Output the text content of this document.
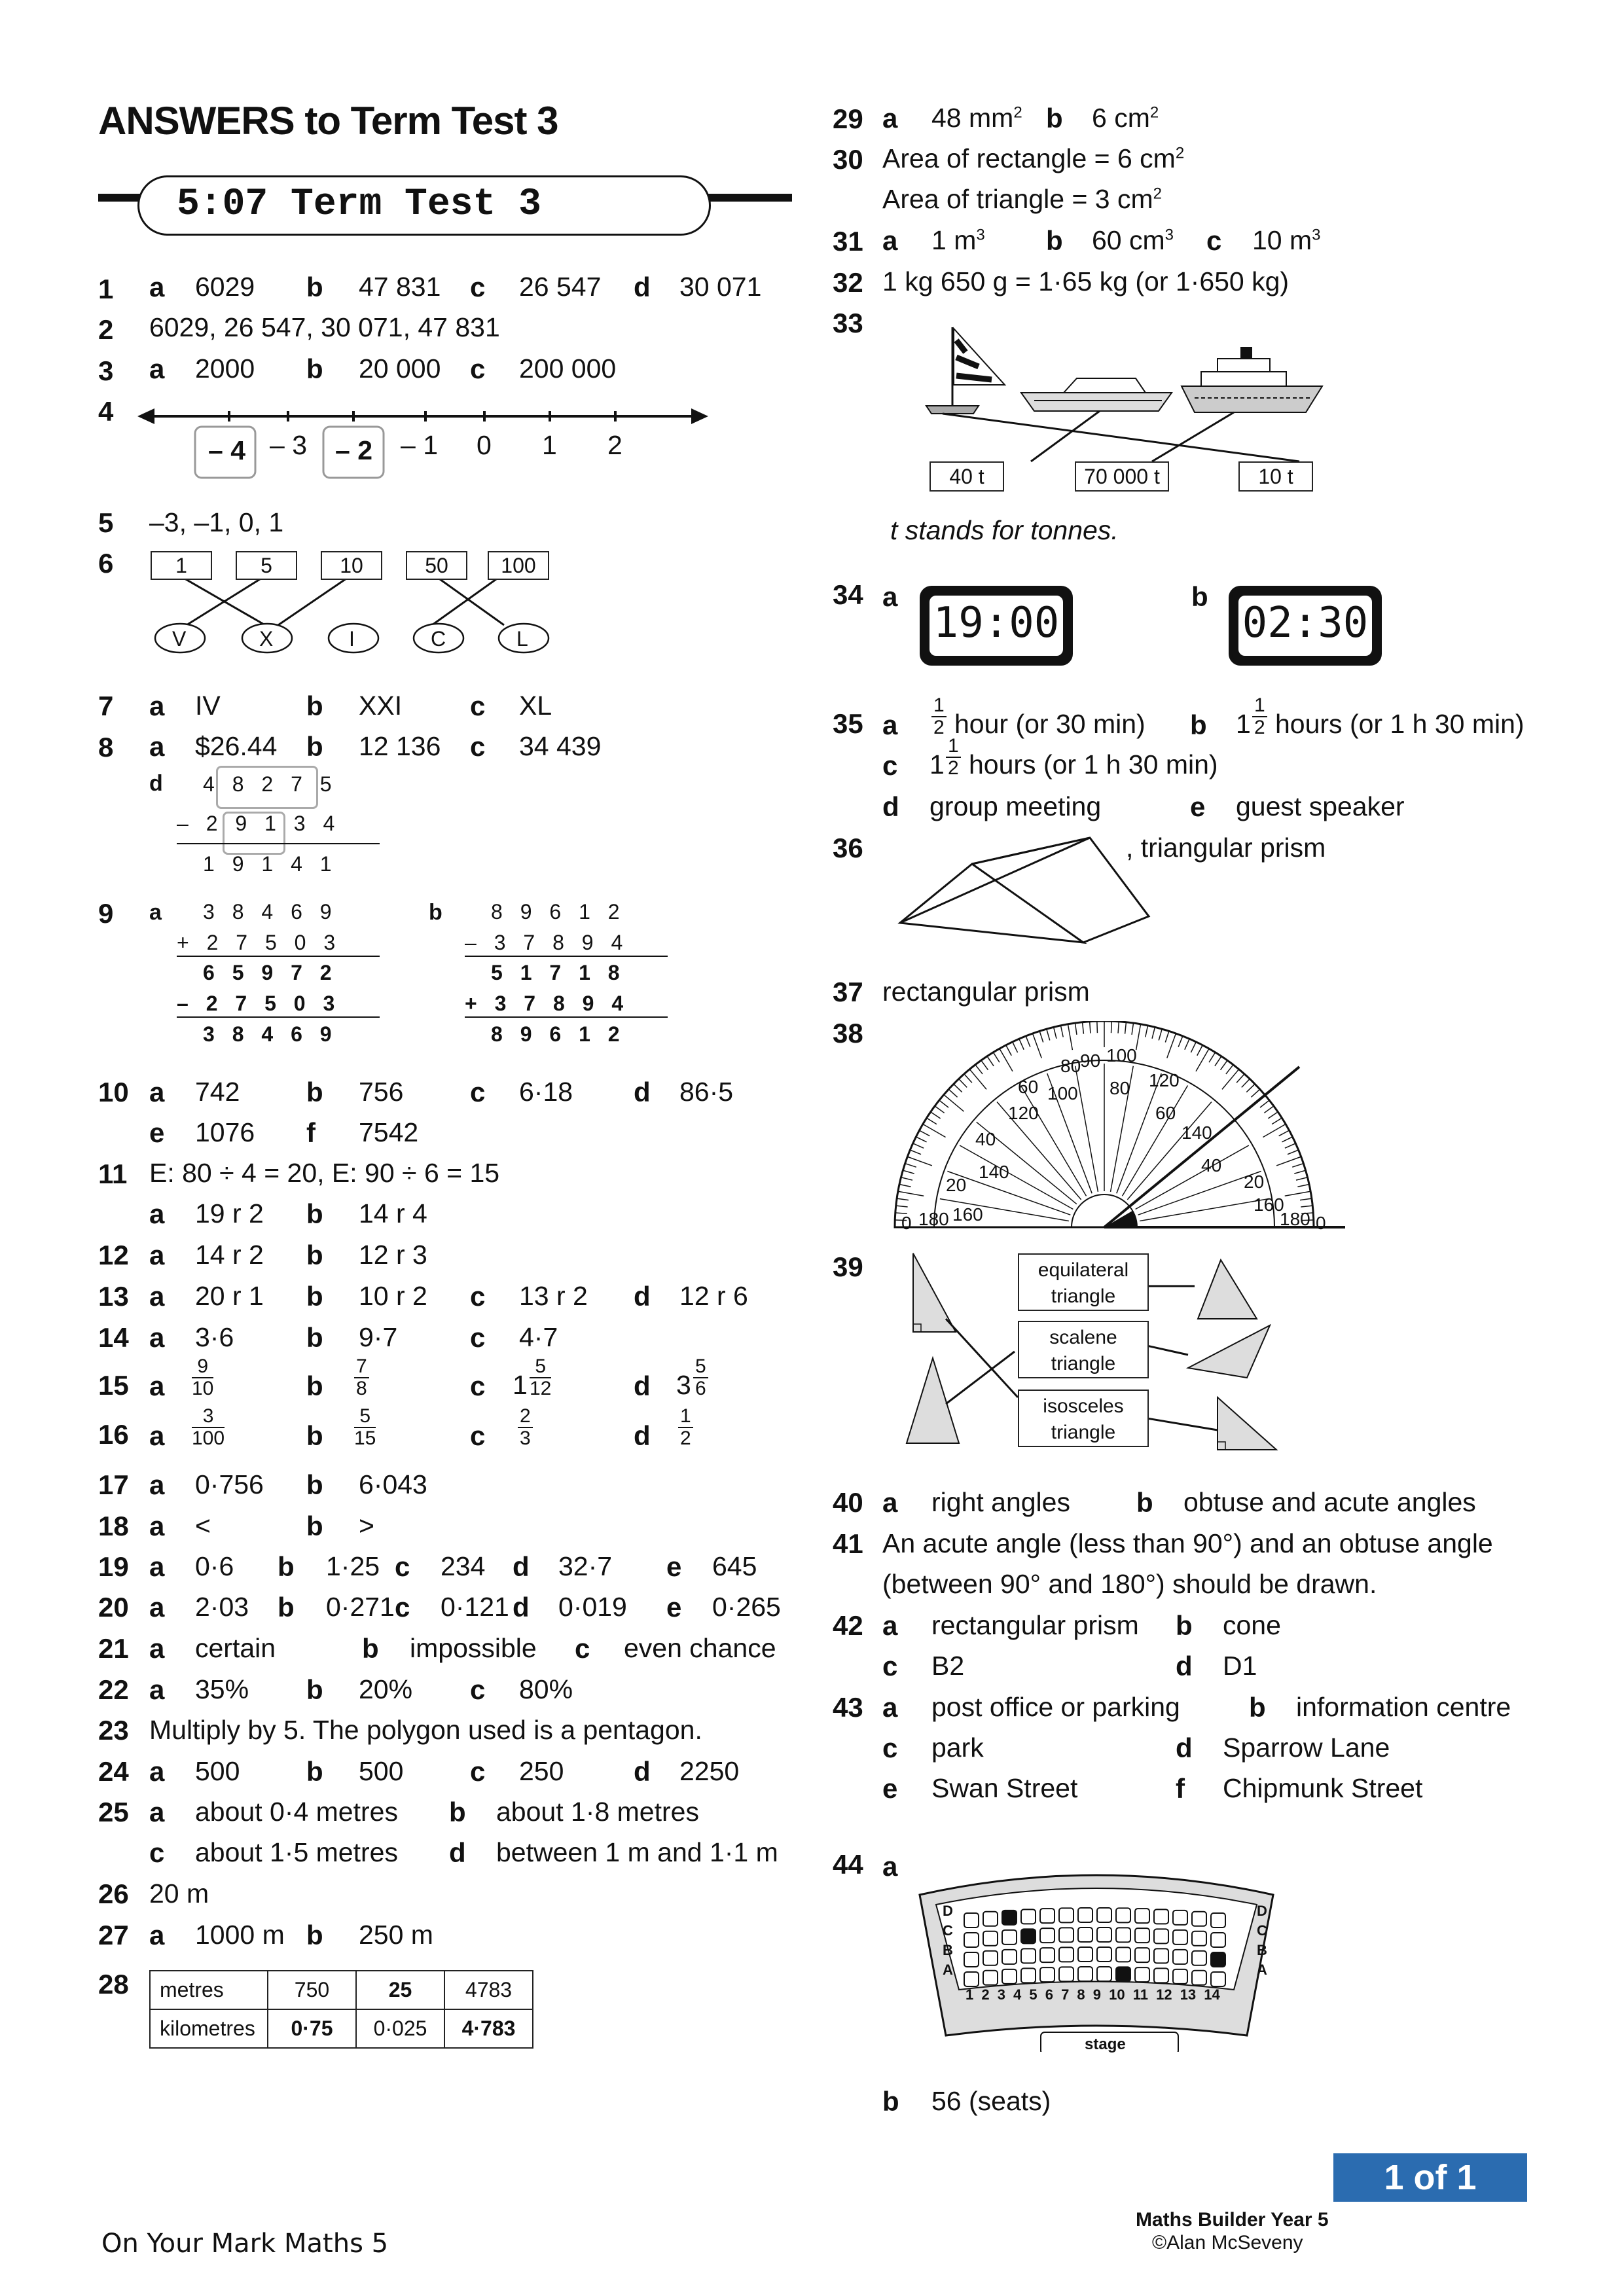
ANSWERS to Term Test 3
5:07 Term Test 3
1 a 6029 b 47 831 c 26 547 d 30 071
2 6029, 26 547, 30 071, 47 831
3 a 2000 b 20 000 c 200 000
4
– 4 – 3 – 2 – 1 0 1 2
5 –3, –1, 0, 1
6	1	5	10	50	100
V	X	I	C	L
7 a IV	b XXI c XL
8 a $26.44 b 12 136 c 34 439
d 4 8 2 7 5
– 2 9 1 3 4
1 9 1 4 1
9 a 3 8 4 6 9
+ 2 7 5 0 3
6 5 9 7 2
– 2 7 5 0 3
3 8 4 6 9
b 8 9 6 1 2
– 3 7 8 9 4
5 1 7 1 8
+ 3 7 8 9 4
8 9 6 1 2
10 a 742 b 756 c 6·18 d 86·5
e 1076 f 7542
11 E: 80 ÷ 4 = 20, E: 90 ÷ 6 = 15
a 19 r 2 b 14 r 4
12 a 14 r 2 b 12 r 3
13 a 20 r 1 b 10 r 2 c 13 r 2 d 12 r 6
14 a 3·6	b 9·7	c 4·7
15 a $\frac{9}{10}$	b $\frac{7}{8}$	c $1 \frac{5}{12}$	d $3 \frac{5}{6}$
16 a $\frac{3}{100}$	b $\frac{5}{15}$	c $\frac{2}{3}$	d $\frac{1}{2}$
17 a 0·756 b 6·043
18 a <	b >
19 a 0·6 b 1·25 c 234 d 32·7 e 645
20 a 2·03 b 0·271 c 0·121 d 0·019 e 0·265
21 a certain	b impossible c even chance
22 a 35% b 20% c 80%
23 Multiply by 5. The polygon used is a pentagon.
24 a 500 b 500 c 250	d 2250
25 a about 0·4 metres b about 1·8 metres
c about 1·5 metres d between 1 m and 1·1 m
26 20 m
27 a 1000 m b 250 m
28 metres	750	25	4783
kilometres	0·75	0·025	4·783
29 a 48 $mm^2$ b 6 $cm^2$
30 Area of rectangle = 6 $cm^2$
Area of triangle = 3 $cm^2$
31 a 1 $m^3$ b 60 $cm^3$ c 10 $m^3$
32 1 kg 650 g = 1·65 kg (or 1·650 kg)
33
40 t	70 000 t	10 t
t stands for tonnes.
34 a
19:00
b
02:30
35 a $\frac{1}{2}$ hour (or 30 min) b $1 \frac{1}{2}$ hours (or 1 h 30 min)
c $1 \frac{1}{2}$ hours (or 1 h 30 min)
d group meeting	e guest speaker
36	, triangular prism
37 rectangular prism
38
80
90 100
60	120
100 80
120	60
40	140
140	40
20	20
160	160
180	180
0	0
39	equilateral
triangle
scalene
triangle
isosceles
triangle
40 a right angles b obtuse and acute angles
41 An acute angle (less than 90°) and an obtuse angle
(between 90° and 180°) should be drawn.
42 a rectangular prism b cone
c B2	d D1
43 a post office or parking	b information centre
c park	d Sparrow Lane
e Swan Street	f Chipmunk Street
44 a
stage
D
C
B
A
D
C
B
A
1 2 3 4 5 6 7 8 9 10 11 12 13 14
b 56 (seats)
1 of 1
Maths Builder Year 5
©Alan McSeveny
On Your Mark Maths 5
